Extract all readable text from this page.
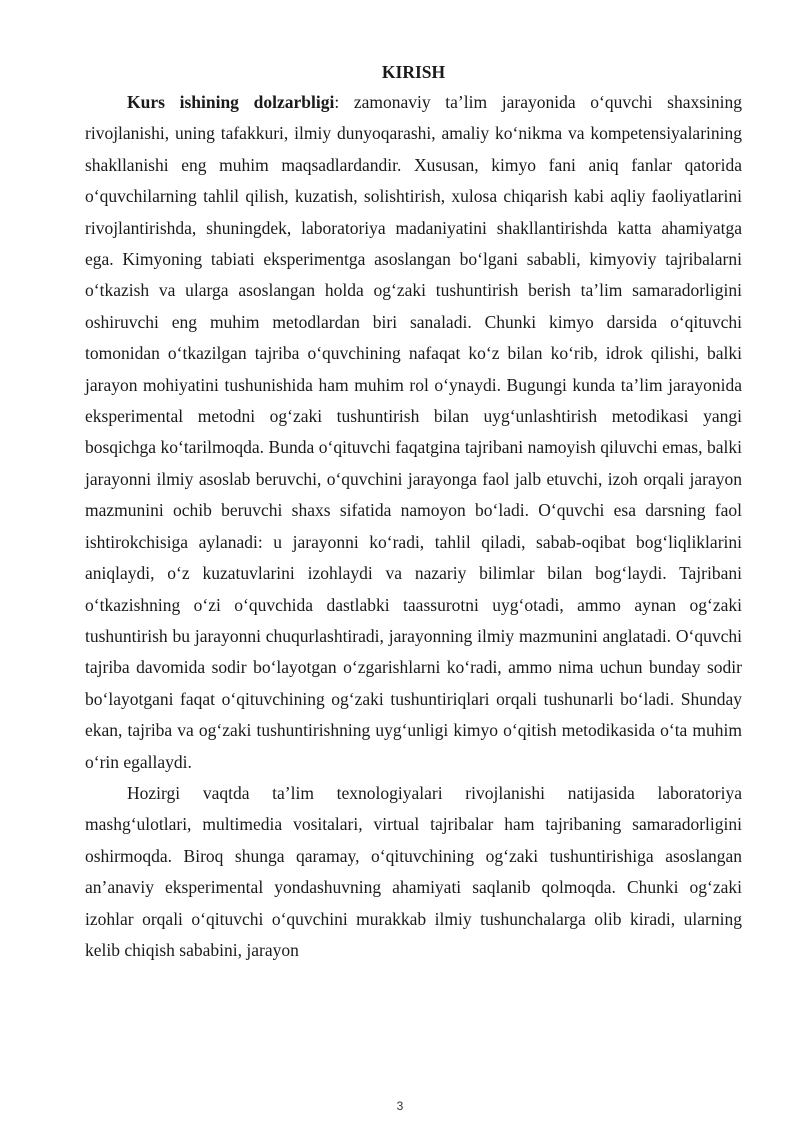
KIRISH

Kurs ishining dolzarbligi: zamonaviy ta’lim jarayonida o‘quvchi shaxsining rivojlanishi, uning tafakkuri, ilmiy dunyoqarashi, amaliy ko‘nikma va kompetensiyalarining shakllanishi eng muhim maqsadlardandir. Xususan, kimyo fani aniq fanlar qatorida o‘quvchilarning tahlil qilish, kuzatish, solishtirish, xulosa chiqarish kabi aqliy faoliyatlarini rivojlantirishda, shuningdek, laboratoriya madaniyatini shakllantirishda katta ahamiyatga ega. Kimyoning tabiati eksperimentga asoslangan bo‘lgani sababli, kimyoviy tajribalarni o‘tkazish va ularga asoslangan holda og‘zaki tushuntirish berish ta’lim samaradorligini oshiruvchi eng muhim metodlardan biri sanaladi. Chunki kimyo darsida o‘qituvchi tomonidan o‘tkazilgan tajriba o‘quvchining nafaqat ko‘z bilan ko‘rib, idrok qilishi, balki jarayon mohiyatini tushunishida ham muhim rol o‘ynaydi. Bugungi kunda ta’lim jarayonida eksperimental metodni og‘zaki tushuntirish bilan uyg‘unlashtirish metodikasi yangi bosqichga ko‘tarilmoqda. Bunda o‘qituvchi faqatgina tajribani namoyish qiluvchi emas, balki jarayonni ilmiy asoslab beruvchi, o‘quvchini jarayonga faol jalb etuvchi, izoh orqali jarayon mazmunini ochib beruvchi shaxs sifatida namoyon bo‘ladi. O‘quvchi esa darsning faol ishtirokchisiga aylanadi: u jarayonni ko‘radi, tahlil qiladi, sabab-oqibat bog‘liqliklarini aniqlaydi, o‘z kuzatuvlarini izohlaydi va nazariy bilimlar bilan bog‘laydi. Tajribani o‘tkazishning o‘zi o‘quvchida dastlabki taassurotni uyg‘otadi, ammo aynan og‘zaki tushuntirish bu jarayonni chuqurlashtiradi, jarayonning ilmiy mazmunini anglatadi. O‘quvchi tajriba davomida sodir bo‘layotgan o‘zgarishlarni ko‘radi, ammo nima uchun bunday sodir bo‘layotgani faqat o‘qituvchining og‘zaki tushuntiriqlari orqali tushunarli bo‘ladi. Shunday ekan, tajriba va og‘zaki tushuntirishning uyg‘unligi kimyo o‘qitish metodikasida o‘ta muhim o‘rin egallaydi.

Hozirgi vaqtda ta’lim texnologiyalari rivojlanishi natijasida laboratoriya mashg‘ulotlari, multimedia vositalari, virtual tajribalar ham tajribaning samaradorligini oshirmoqda. Biroq shunga qaramay, o‘qituvchining og‘zaki tushuntirishiga asoslangan an’anaviy eksperimental yondashuvning ahamiyati saqlanib qolmoqda. Chunki og‘zaki izohlar orqali o‘qituvchi o‘quvchini murakkab ilmiy tushunchalarga olib kiradi, ularning kelib chiqish sababini, jarayon

3
